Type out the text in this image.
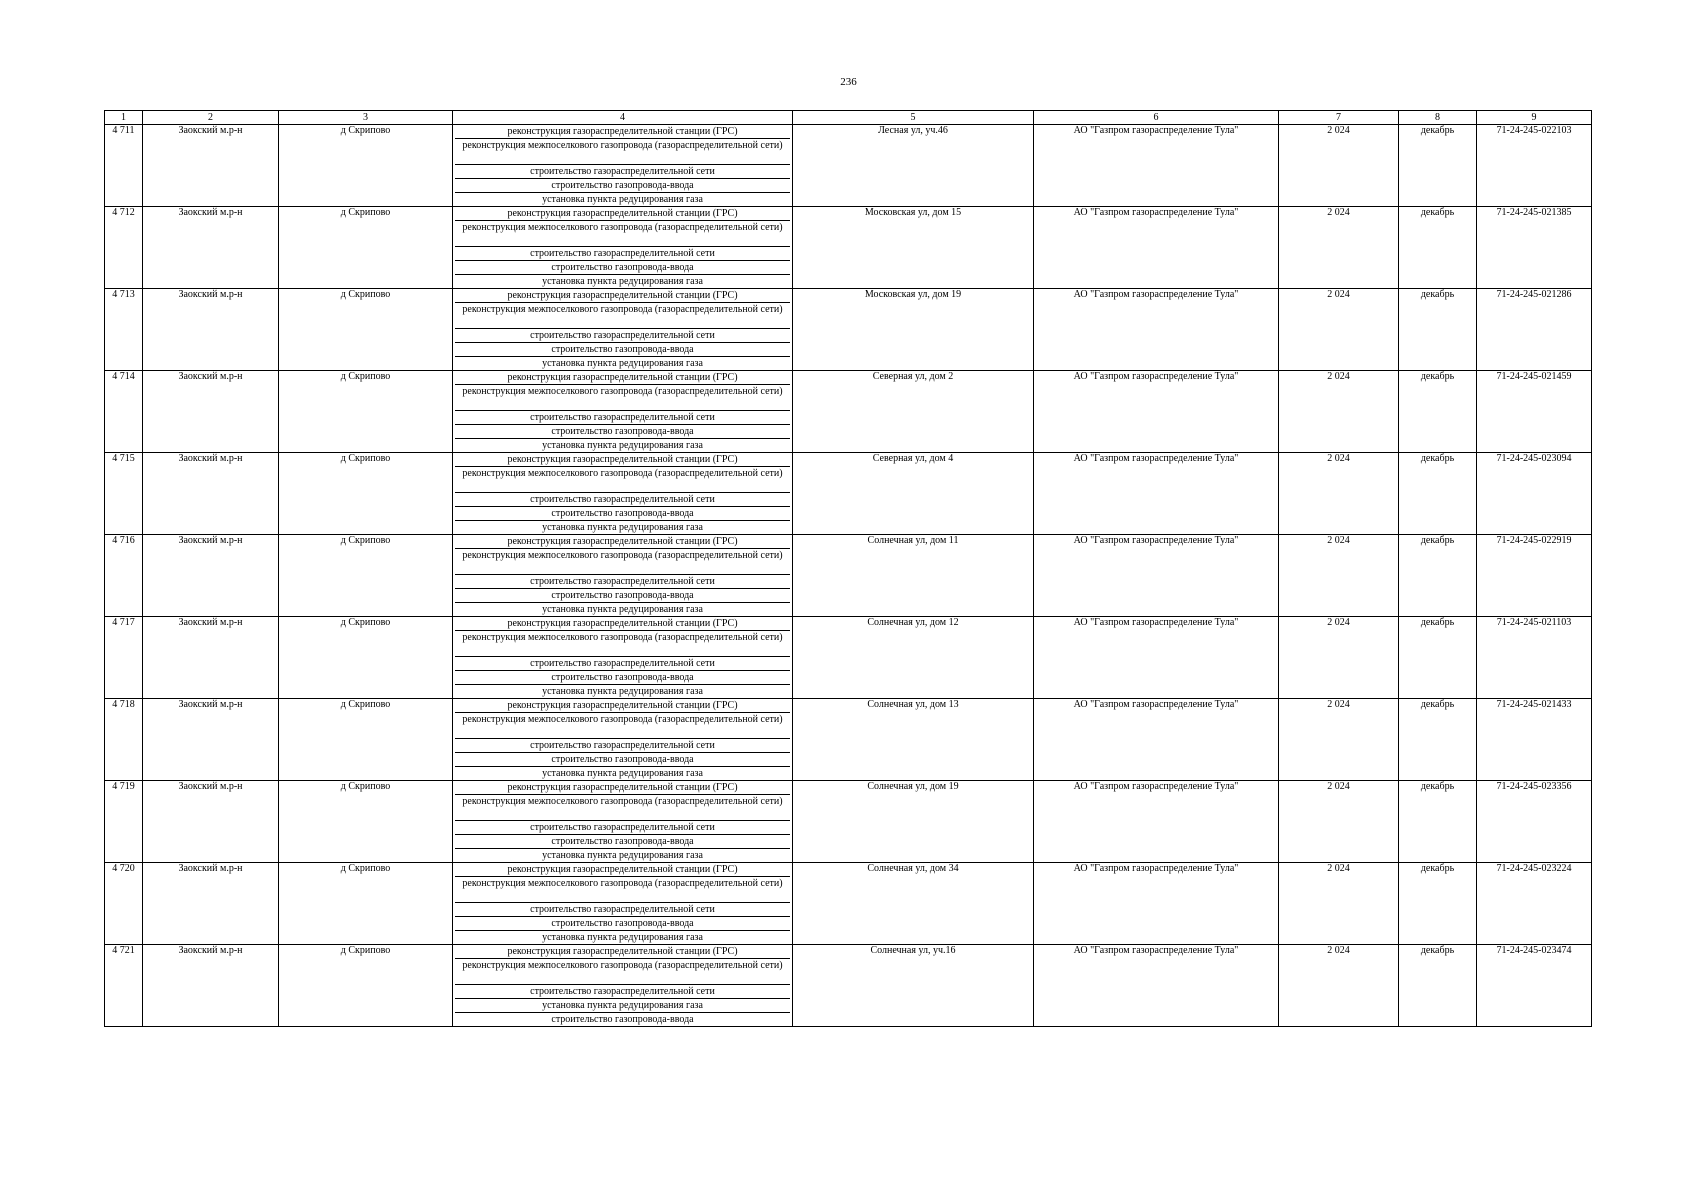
236
1	2	3	4	5	6	7	8	9
4 711	Заокский м.р-н	д Скрипово	реконструкция газораспределительной станции (ГРС)
реконструкция межпоселкового газопровода (газораспределительной сети)
строительство газораспределительной сети
строительство газопровода-ввода
установка пункта редуцирования газа	Лесная ул, уч.46	АО "Газпром газораспределение Тула"	2 024	декабрь	71-24-245-022103
4 712	Заокский м.р-н	д Скрипово	реконструкция газораспределительной станции (ГРС)
реконструкция межпоселкового газопровода (газораспределительной сети)
строительство газораспределительной сети
строительство газопровода-ввода
установка пункта редуцирования газа	Московская ул, дом 15	АО "Газпром газораспределение Тула"	2 024	декабрь	71-24-245-021385
4 713	Заокский м.р-н	д Скрипово	реконструкция газораспределительной станции (ГРС)
реконструкция межпоселкового газопровода (газораспределительной сети)
строительство газораспределительной сети
строительство газопровода-ввода
установка пункта редуцирования газа	Московская ул, дом 19	АО "Газпром газораспределение Тула"	2 024	декабрь	71-24-245-021286
4 714	Заокский м.р-н	д Скрипово	реконструкция газораспределительной станции (ГРС)
реконструкция межпоселкового газопровода (газораспределительной сети)
строительство газораспределительной сети
строительство газопровода-ввода
установка пункта редуцирования газа	Северная ул, дом 2	АО "Газпром газораспределение Тула"	2 024	декабрь	71-24-245-021459
4 715	Заокский м.р-н	д Скрипово	реконструкция газораспределительной станции (ГРС)
реконструкция межпоселкового газопровода (газораспределительной сети)
строительство газораспределительной сети
строительство газопровода-ввода
установка пункта редуцирования газа	Северная ул, дом 4	АО "Газпром газораспределение Тула"	2 024	декабрь	71-24-245-023094
4 716	Заокский м.р-н	д Скрипово	реконструкция газораспределительной станции (ГРС)
реконструкция межпоселкового газопровода (газораспределительной сети)
строительство газораспределительной сети
строительство газопровода-ввода
установка пункта редуцирования газа	Солнечная ул, дом 11	АО "Газпром газораспределение Тула"	2 024	декабрь	71-24-245-022919
4 717	Заокский м.р-н	д Скрипово	реконструкция газораспределительной станции (ГРС)
реконструкция межпоселкового газопровода (газораспределительной сети)
строительство газораспределительной сети
строительство газопровода-ввода
установка пункта редуцирования газа	Солнечная ул, дом 12	АО "Газпром газораспределение Тула"	2 024	декабрь	71-24-245-021103
4 718	Заокский м.р-н	д Скрипово	реконструкция газораспределительной станции (ГРС)
реконструкция межпоселкового газопровода (газораспределительной сети)
строительство газораспределительной сети
строительство газопровода-ввода
установка пункта редуцирования газа	Солнечная ул, дом 13	АО "Газпром газораспределение Тула"	2 024	декабрь	71-24-245-021433
4 719	Заокский м.р-н	д Скрипово	реконструкция газораспределительной станции (ГРС)
реконструкция межпоселкового газопровода (газораспределительной сети)
строительство газораспределительной сети
строительство газопровода-ввода
установка пункта редуцирования газа	Солнечная ул, дом 19	АО "Газпром газораспределение Тула"	2 024	декабрь	71-24-245-023356
4 720	Заокский м.р-н	д Скрипово	реконструкция газораспределительной станции (ГРС)
реконструкция межпоселкового газопровода (газораспределительной сети)
строительство газораспределительной сети
строительство газопровода-ввода
установка пункта редуцирования газа	Солнечная ул, дом 34	АО "Газпром газораспределение Тула"	2 024	декабрь	71-24-245-023224
4 721	Заокский м.р-н	д Скрипово	реконструкция газораспределительной станции (ГРС)
реконструкция межпоселкового газопровода (газораспределительной сети)
строительство газораспределительной сети
установка пункта редуцирования газа
строительство газопровода-ввода	Солнечная ул, уч.16	АО "Газпром газораспределение Тула"	2 024	декабрь	71-24-245-023474
